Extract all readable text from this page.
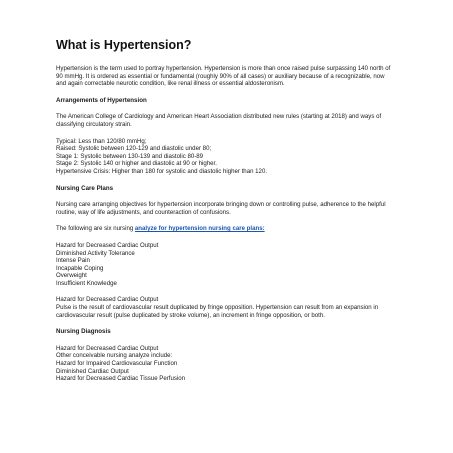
What is Hypertension?

Hypertension is the term used to portray hypertension. Hypertension is more than once raised pulse surpassing 140 north of 90 mmHg. It is ordered as essential or fundamental (roughly 90% of all cases) or auxiliary because of a recognizable, now and again correctable neurotic condition, like renal illness or essential aldosteronism.

Arrangements of Hypertension

The American College of Cardiology and American Heart Association distributed new rules (starting at 2018) and ways of classifying circulatory strain.

Typical: Less than 120/80 mmHg;
Raised: Systolic between 120-129 and diastolic under 80;
Stage 1: Systolic between 130-139 and diastolic 80-89
Stage 2: Systolic 140 or higher and diastolic at 90 or higher.
Hypertensive Crisis: Higher than 180 for systolic and diastolic higher than 120.

Nursing Care Plans

Nursing care arranging objectives for hypertension incorporate bringing down or controlling pulse, adherence to the helpful routine, way of life adjustments, and counteraction of confusions.

The following are six nursing analyze for hypertension nursing care plans:

Hazard for Decreased Cardiac Output
Diminished Activity Tolerance
Intense Pain
Incapable Coping
Overweight
Insufficient Knowledge
Hazard for Decreased Cardiac Output

Pulse is the result of cardiovascular result duplicated by fringe opposition. Hypertension can result from an expansion in cardiovascular result (pulse duplicated by stroke volume), an increment in fringe opposition, or both.

Nursing Diagnosis

Hazard for Decreased Cardiac Output
Other conceivable nursing analyze include:
Hazard for Impaired Cardiovascular Function
Diminished Cardiac Output
Hazard for Decreased Cardiac Tissue Perfusion
